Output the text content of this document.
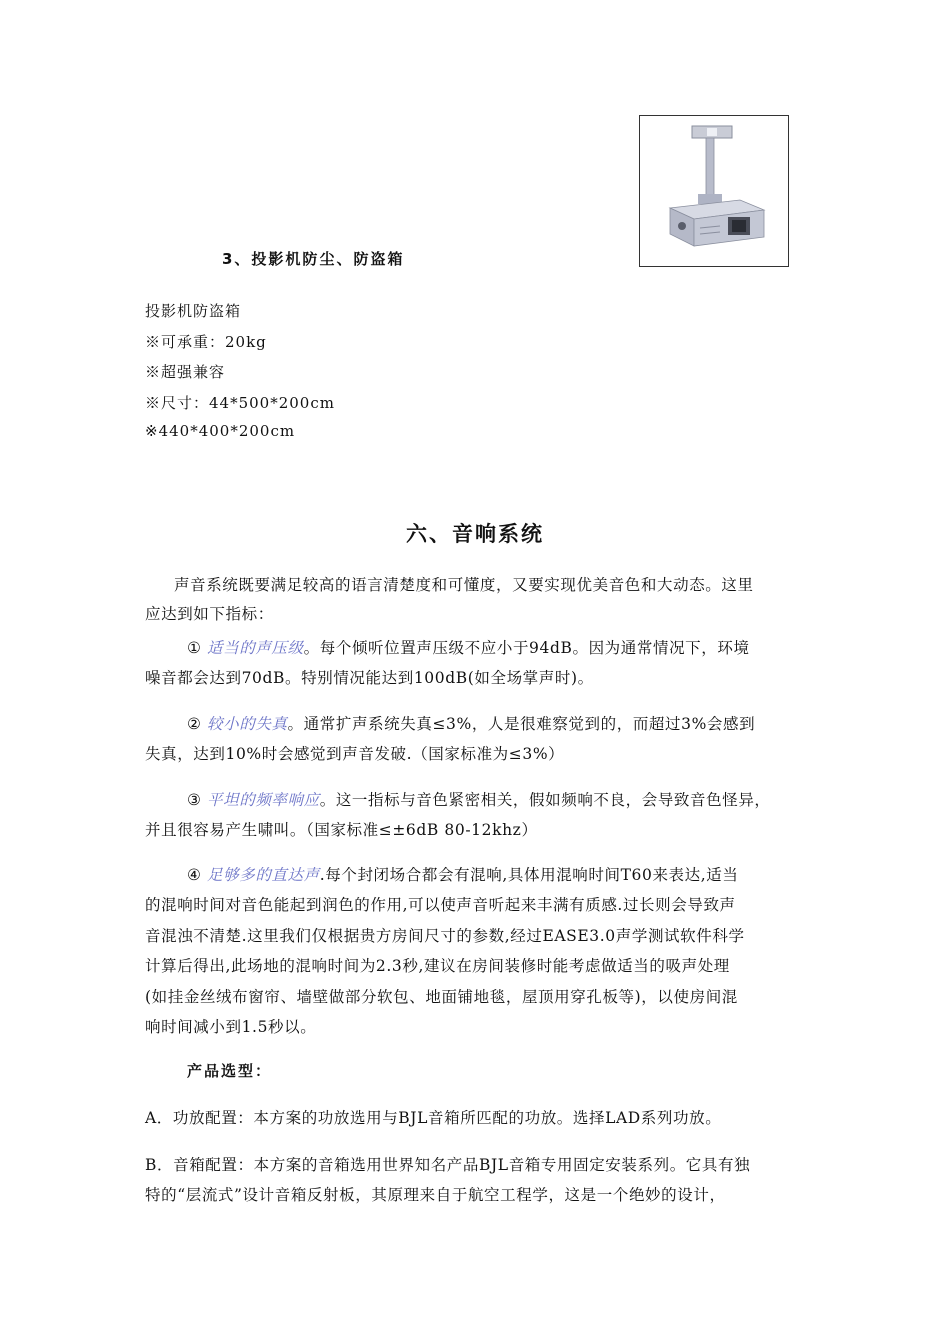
3、投影机防尘、防盗箱
投影机防盗箱
※可承重：20kg
※超强兼容
※尺寸：44*500*200cm
※440*400*200cm
六、音响系统
声音系统既要满足较高的语言清楚度和可懂度，又要实现优美音色和大动态。这里
应达到如下指标：
① 适当的声压级。每个倾听位置声压级不应小于94dB。因为通常情况下，环境
噪音都会达到70dB。特别情况能达到100dB(如全场掌声时)。
② 较小的失真。通常扩声系统失真≤3%，人是很难察觉到的，而超过3%会感到
失真，达到10%时会感觉到声音发破.（国家标准为≤3%）
③ 平坦的频率响应。这一指标与音色紧密相关，假如频响不良，会导致音色怪异，
并且很容易产生啸叫。（国家标准≤±6dB 80-12khz）
④ 足够多的直达声.每个封闭场合都会有混响,具体用混响时间T60来表达,适当
的混响时间对音色能起到润色的作用,可以使声音听起来丰满有质感.过长则会导致声
音混浊不清楚.这里我们仅根据贵方房间尺寸的参数,经过EASE3.0声学测试软件科学
计算后得出,此场地的混响时间为2.3秒,建议在房间装修时能考虑做适当的吸声处理
(如挂金丝绒布窗帘、墙壁做部分软包、地面铺地毯，屋顶用穿孔板等)，以使房间混
响时间减小到1.5秒以。
产品选型：
A．功放配置：本方案的功放选用与BJL音箱所匹配的功放。选择LAD系列功放。
B．音箱配置：本方案的音箱选用世界知名产品BJL音箱专用固定安装系列。它具有独
特的“层流式”设计音箱反射板，其原理来自于航空工程学，这是一个绝妙的设计，
